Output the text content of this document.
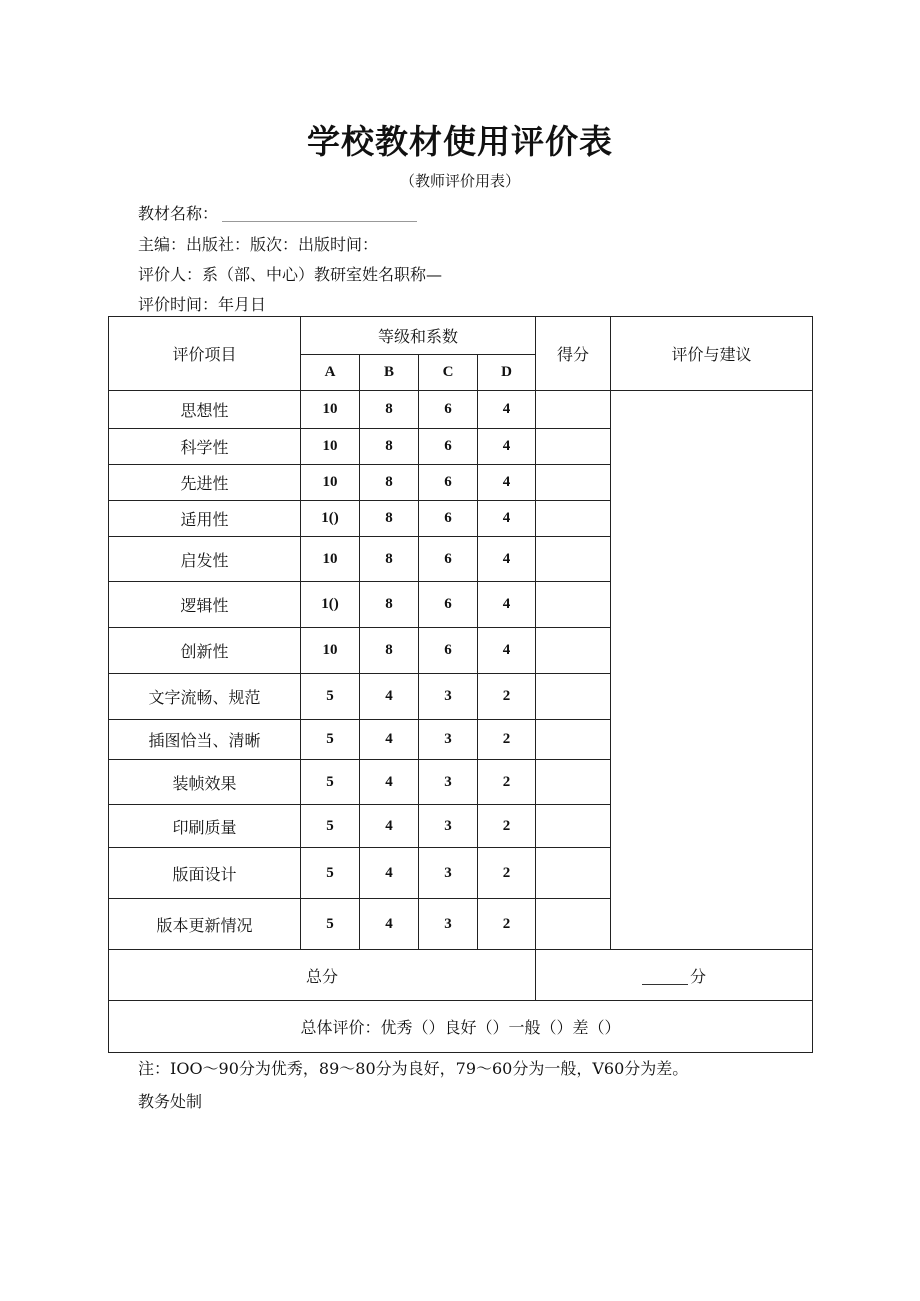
学校教材使用评价表
（教师评价用表）
教材名称：
主编：出版社：版次：出版时间：
评价人：系（部、中心）教研室姓名职称—
评价时间：年月日
评价项目	等级和系数				得分	评价与建议
	A	B	C	D		
思想性	10	8	6	4		
科学性	10	8	6	4		
先进性	10	8	6	4		
适用性	1()	8	6	4		
启发性	10	8	6	4		
逻辑性	1()	8	6	4		
创新性	10	8	6	4		
文字流畅、规范	5	4	3	2		
插图恰当、清晰	5	4	3	2		
装帧效果	5	4	3	2		
印刷质量	5	4	3	2		
版面设计	5	4	3	2		
版本更新情况	5	4	3	2		
总分					分	
总体评价：优秀（）良好（）一般（）差（）						
注：IOO～90分为优秀，89～80分为良好，79～60分为一般，V60分为差。
教务处制
